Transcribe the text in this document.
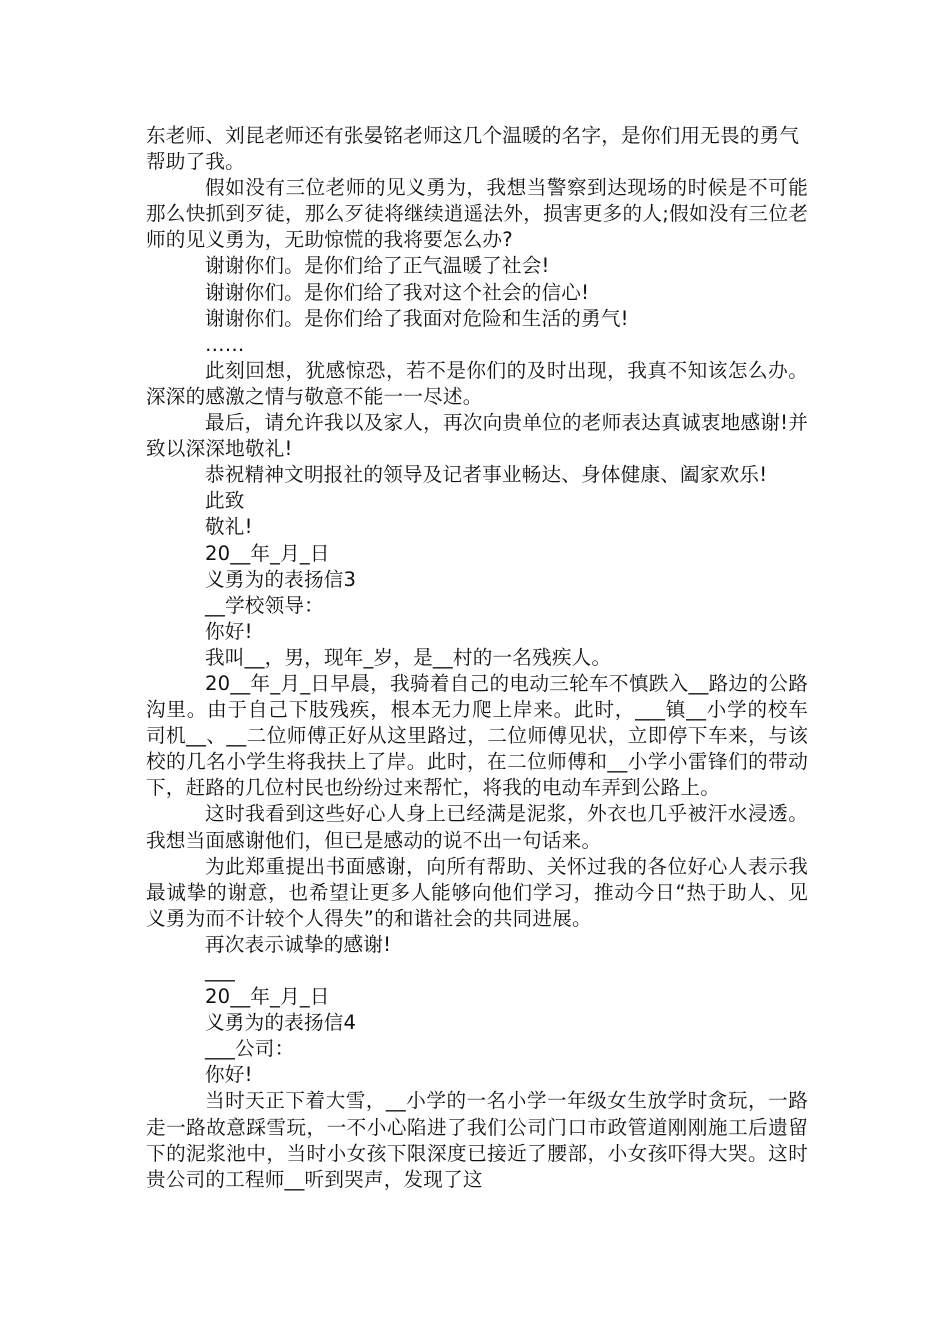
东老师、刘昆老师还有张晏铭老师这几个温暖的名字，是你们用无畏的勇气帮助了我。

假如没有三位老师的见义勇为，我想当警察到达现场的时候是不可能那么快抓到歹徒，那么歹徒将继续逍遥法外，损害更多的人;假如没有三位老师的见义勇为，无助惊慌的我将要怎么办?

谢谢你们。是你们给了正气温暖了社会!

谢谢你们。是你们给了我对这个社会的信心!

谢谢你们。是你们给了我面对危险和生活的勇气!

……

此刻回想，犹感惊恐，若不是你们的及时出现，我真不知该怎么办。深深的感激之情与敬意不能一一尽述。

最后，请允许我以及家人，再次向贵单位的老师表达真诚衷地感谢!并致以深深地敬礼!

恭祝精神文明报社的领导及记者事业畅达、身体健康、阖家欢乐!

此致

敬礼!

20__年_月_日

义勇为的表扬信3

__学校领导：

你好!

我叫__，男，现年_岁，是__村的一名残疾人。

20__年_月_日早晨，我骑着自己的电动三轮车不慎跌入__路边的公路沟里。由于自己下肢残疾，根本无力爬上岸来。此时，___镇__小学的校车司机__、__二位师傅正好从这里路过，二位师傅见状，立即停下车来，与该校的几名小学生将我扶上了岸。此时，在二位师傅和__小学小雷锋们的带动下，赶路的几位村民也纷纷过来帮忙，将我的电动车弄到公路上。

这时我看到这些好心人身上已经满是泥浆，外衣也几乎被汗水浸透。我想当面感谢他们，但已是感动的说不出一句话来。

为此郑重提出书面感谢，向所有帮助、关怀过我的各位好心人表示我最诚挚的谢意，也希望让更多人能够向他们学习，推动今日“热于助人、见义勇为而不计较个人得失”的和谐社会的共同进展。

再次表示诚挚的感谢!

___

20__年_月_日

义勇为的表扬信4

___公司：

你好!

当时天正下着大雪，__小学的一名小学一年级女生放学时贪玩，一路走一路故意踩雪玩，一不小心陷进了我们公司门口市政管道刚刚施工后遗留下的泥浆池中，当时小女孩下限深度已接近了腰部，小女孩吓得大哭。这时贵公司的工程师__听到哭声，发现了这
